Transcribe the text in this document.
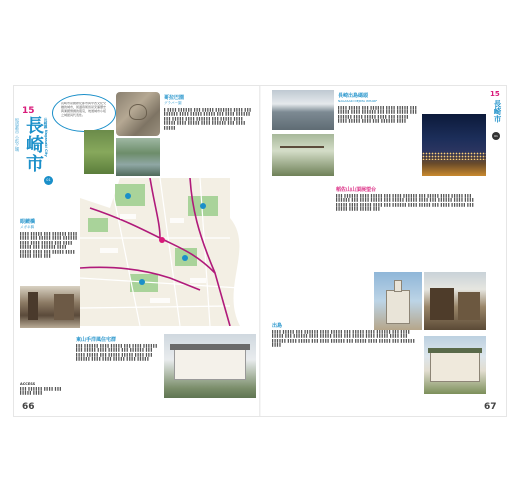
15
長崎市
坂道都市 小坂之城	長崎縣 Nagasaki City
01
長崎市是國際化都市與中西文化交融的城市，街頭巷尾皆是充滿歷史與異國情調的風景，坡道城市小坂之城最具代表性。
哥拉巴園
グラバー園
▌ ▌▌▌▌ ▌▌▌▌▌▌ ▌▌▌ ▌▌▌▌▌ ▌▌▌▌▌▌▌ ▌▌▌▌ ▌▌▌ ▌▌▌▌▌▌ ▌▌▌▌ ▌▌▌▌▌ ▌▌▌▌▌ ▌▌▌ ▌▌▌▌ ▌▌▌▌▌▌ ▌▌▌ ▌▌▌▌▌ ▌▌▌▌ ▌▌▌▌▌▌ ▌▌▌ ▌▌▌▌▌ ▌▌▌▌ ▌▌▌▌▌ ▌▌▌▌ ▌▌▌▌▌ ▌▌▌▌ ▌▌▌▌▌▌ ▌▌▌ ▌▌▌▌ ▌▌▌▌▌
眼鏡橋
メガネ橋
▌▌▌▌ ▌▌▌▌▌ ▌▌▌ ▌▌▌▌▌▌ ▌▌▌▌ ▌▌▌▌ ▌▌▌ ▌▌▌▌▌ ▌▌▌▌ ▌▌▌▌▌▌ ▌▌▌▌ ▌▌▌▌ ▌▌▌▌▌ ▌▌▌ ▌▌▌▌ ▌▌▌▌▌ ▌▌▌ ▌▌▌▌▌▌ ▌▌▌▌ ▌▌▌▌▌ ▌▌▌▌ ▌▌▌ ▌▌▌▌▌ ▌▌▌▌ ▌▌▌▌▌ ▌▌▌▌ ▌▌▌
東山手洋風住宅群
▌▌▌ ▌▌▌▌▌▌ ▌▌▌▌ ▌▌▌▌▌ ▌▌▌ ▌▌▌▌ ▌▌▌▌▌▌ ▌▌▌ ▌▌▌▌▌ ▌▌▌▌ ▌▌▌▌▌ ▌▌▌ ▌▌▌▌▌▌ ▌▌▌ ▌▌▌▌ ▌▌▌▌▌ ▌▌▌ ▌▌▌▌▌ ▌▌▌▌▌ ▌▌▌▌ ▌▌▌ ▌▌▌▌▌▌ ▌▌▌▌ ▌▌▌▌ ▌▌▌▌▌ ▌▌▌▌ ▌▌▌▌▌
ACCESS
▌▌▌ ▌▌▌▌▌▌ ▌▌▌▌ ▌▌▌ ▌▌▌▌▌ ▌▌▌▌
66
長崎出島碼頭
NAGASAKI DEJIMA WHARF
▌▌▌▌ ▌▌▌▌▌ ▌▌▌ ▌▌▌▌▌▌ ▌▌▌▌ ▌▌▌▌▌ ▌▌▌ ▌▌▌▌▌ ▌▌▌▌ ▌▌▌▌▌▌ ▌▌▌ ▌▌▌▌ ▌▌▌▌▌ ▌▌▌ ▌▌▌▌▌▌ ▌▌▌▌ ▌▌▌▌▌ ▌▌▌▌ ▌▌▌ ▌▌▌▌▌ ▌▌▌▌ ▌▌▌▌▌ ▌▌▌▌ ▌▌▌ ▌▌▌▌▌▌ ▌▌▌▌
15
長崎市
01
稻佐山山頂展望台
▌▌▌ ▌▌▌▌▌▌ ▌▌▌▌ ▌▌▌▌▌ ▌▌▌ ▌▌▌▌ ▌▌▌▌▌▌ ▌▌▌ ▌▌▌▌▌ ▌▌▌▌ ▌▌▌▌▌ ▌▌▌ ▌▌▌▌▌▌ ▌▌▌ ▌▌▌▌ ▌▌▌▌▌ ▌▌▌ ▌▌▌▌▌ ▌▌▌▌▌ ▌▌▌▌ ▌▌▌ ▌▌▌▌▌▌ ▌▌▌▌ ▌▌▌▌ ▌▌▌▌▌ ▌▌▌▌ ▌▌▌▌▌ ▌▌▌▌ ▌▌▌ ▌▌▌▌▌▌ ▌▌▌▌ ▌▌▌▌▌ ▌▌▌ ▌▌▌▌ ▌▌▌▌▌▌ ▌▌▌ ▌▌▌▌▌ ▌▌▌▌ ▌▌▌▌▌ ▌▌▌
出島
▌▌▌▌ ▌▌▌▌▌ ▌▌▌ ▌▌▌▌▌▌ ▌▌▌▌ ▌▌▌▌▌ ▌▌▌ ▌▌▌▌▌ ▌▌▌▌ ▌▌▌▌▌▌ ▌▌▌ ▌▌▌▌ ▌▌▌▌▌ ▌▌▌ ▌▌▌▌▌▌ ▌▌▌▌ ▌▌▌▌▌ ▌▌▌▌ ▌▌▌ ▌▌▌▌▌ ▌▌▌▌ ▌▌▌▌▌ ▌▌▌▌ ▌▌▌ ▌▌▌▌▌▌ ▌▌▌▌ ▌▌▌▌▌ ▌▌▌ ▌▌▌▌ ▌▌▌▌▌▌ ▌▌▌ ▌▌▌▌▌ ▌▌▌▌ ▌▌▌▌▌ ▌▌▌ ▌▌▌▌▌▌ ▌▌▌▌
67
